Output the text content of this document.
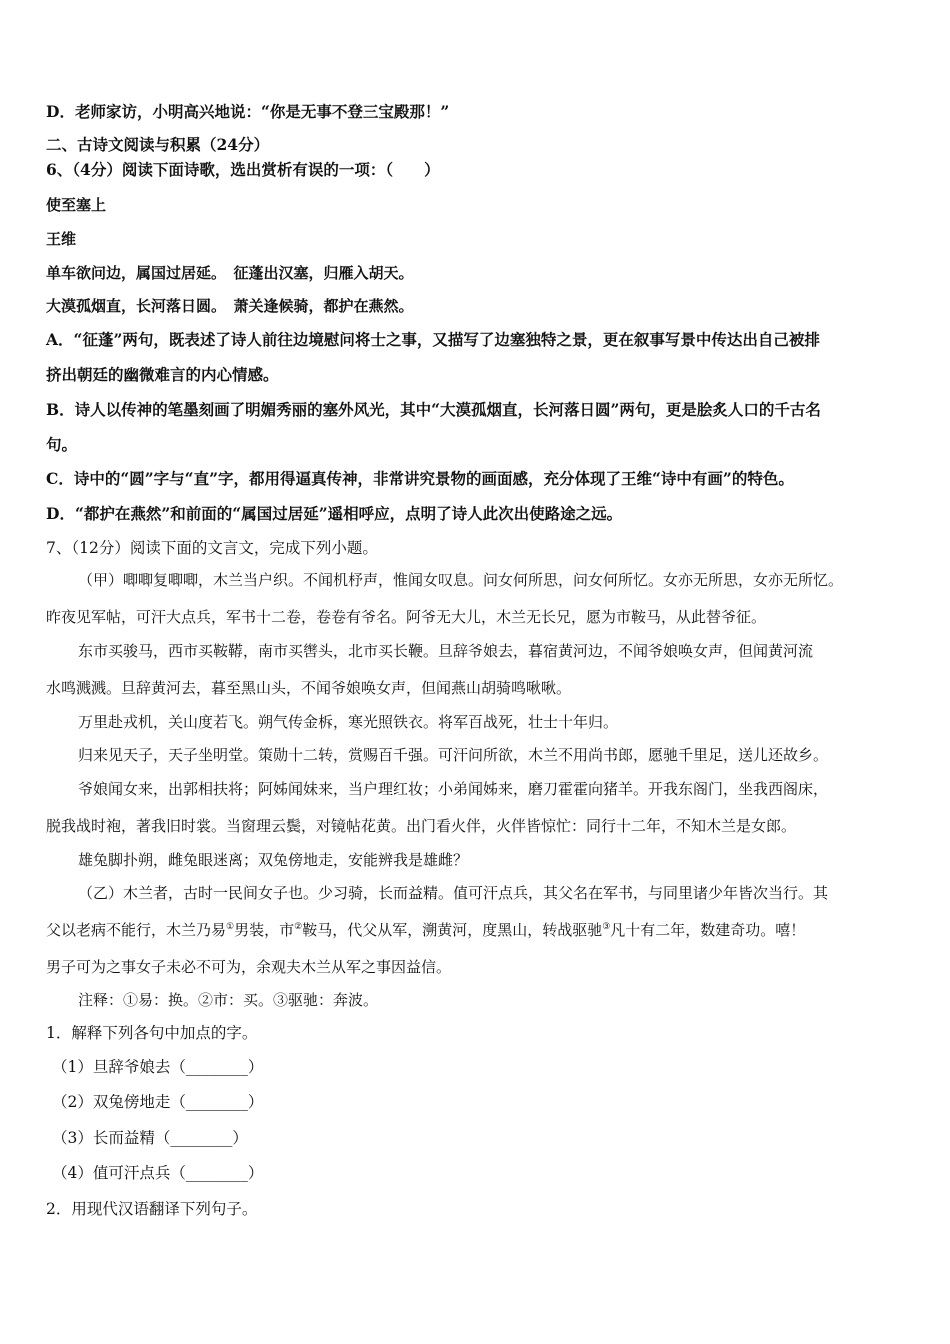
D．老师家访，小明高兴地说：“你是无事不登三宝殿那！”
二、古诗文阅读与积累（24分）
6、（4分）阅读下面诗歌，选出赏析有误的一项：（　　）
使至塞上
王维
单车欲问边，属国过居延。　征蓬出汉塞，归雁入胡天。
大漠孤烟直，长河落日圆。　萧关逢候骑，都护在燕然。
A．“征蓬”两句，既表述了诗人前往边境慰问将士之事，又描写了边塞独特之景，更在叙事写景中传达出自己被排
挤出朝廷的幽微难言的内心情感。
B．诗人以传神的笔墨刻画了明媚秀丽的塞外风光，其中“大漠孤烟直，长河落日圆”两句，更是脍炙人口的千古名
句。
C．诗中的“圆”字与“直”字，都用得逼真传神，非常讲究景物的画面感，充分体现了王维“诗中有画”的特色。
D．“都护在燕然”和前面的“属国过居延”遥相呼应，点明了诗人此次出使路途之远。
7、（12分）阅读下面的文言文，完成下列小题。
（甲）唧唧复唧唧，木兰当户织。不闻机杼声，惟闻女叹息。问女何所思，问女何所忆。女亦无所思，女亦无所忆。
昨夜见军帖，可汗大点兵，军书十二卷，卷卷有爷名。阿爷无大儿，木兰无长兄，愿为市鞍马，从此替爷征。
东市买骏马，西市买鞍鞯，南市买辔头，北市买长鞭。旦辞爷娘去，暮宿黄河边，不闻爷娘唤女声，但闻黄河流
水鸣溅溅。旦辞黄河去，暮至黑山头，不闻爷娘唤女声，但闻燕山胡骑鸣啾啾。
万里赴戎机，关山度若飞。朔气传金柝，寒光照铁衣。将军百战死，壮士十年归。
归来见天子，天子坐明堂。策勋十二转，赏赐百千强。可汗问所欲，木兰不用尚书郎，愿驰千里足，送儿还故乡。
爷娘闻女来，出郭相扶将；阿姊闻妹来，当户理红妆；小弟闻姊来，磨刀霍霍向猪羊。开我东阁门，坐我西阁床，
脱我战时袍，著我旧时裳。当窗理云鬓，对镜帖花黄。出门看火伴，火伴皆惊忙：同行十二年，不知木兰是女郎。
雄兔脚扑朔，雌兔眼迷离；双兔傍地走，安能辨我是雄雌？
（乙）木兰者，古时一民间女子也。少习骑，长而益精。值可汗点兵，其父名在军书，与同里诸少年皆次当行。其
父以老病不能行，木兰乃易①男装，市②鞍马，代父从军，溯黄河，度黑山，转战驱驰③凡十有二年，数建奇功。嘻！
男子可为之事女子未必不可为，余观夫木兰从军之事因益信。
注释：①易：换。②市：买。③驱驰：奔波。
1．解释下列各句中加点的字。
（1）旦辞爷娘去（________）
（2）双兔傍地走（________）
（3）长而益精（________）
（4）值可汗点兵（________）
2．用现代汉语翻译下列句子。
